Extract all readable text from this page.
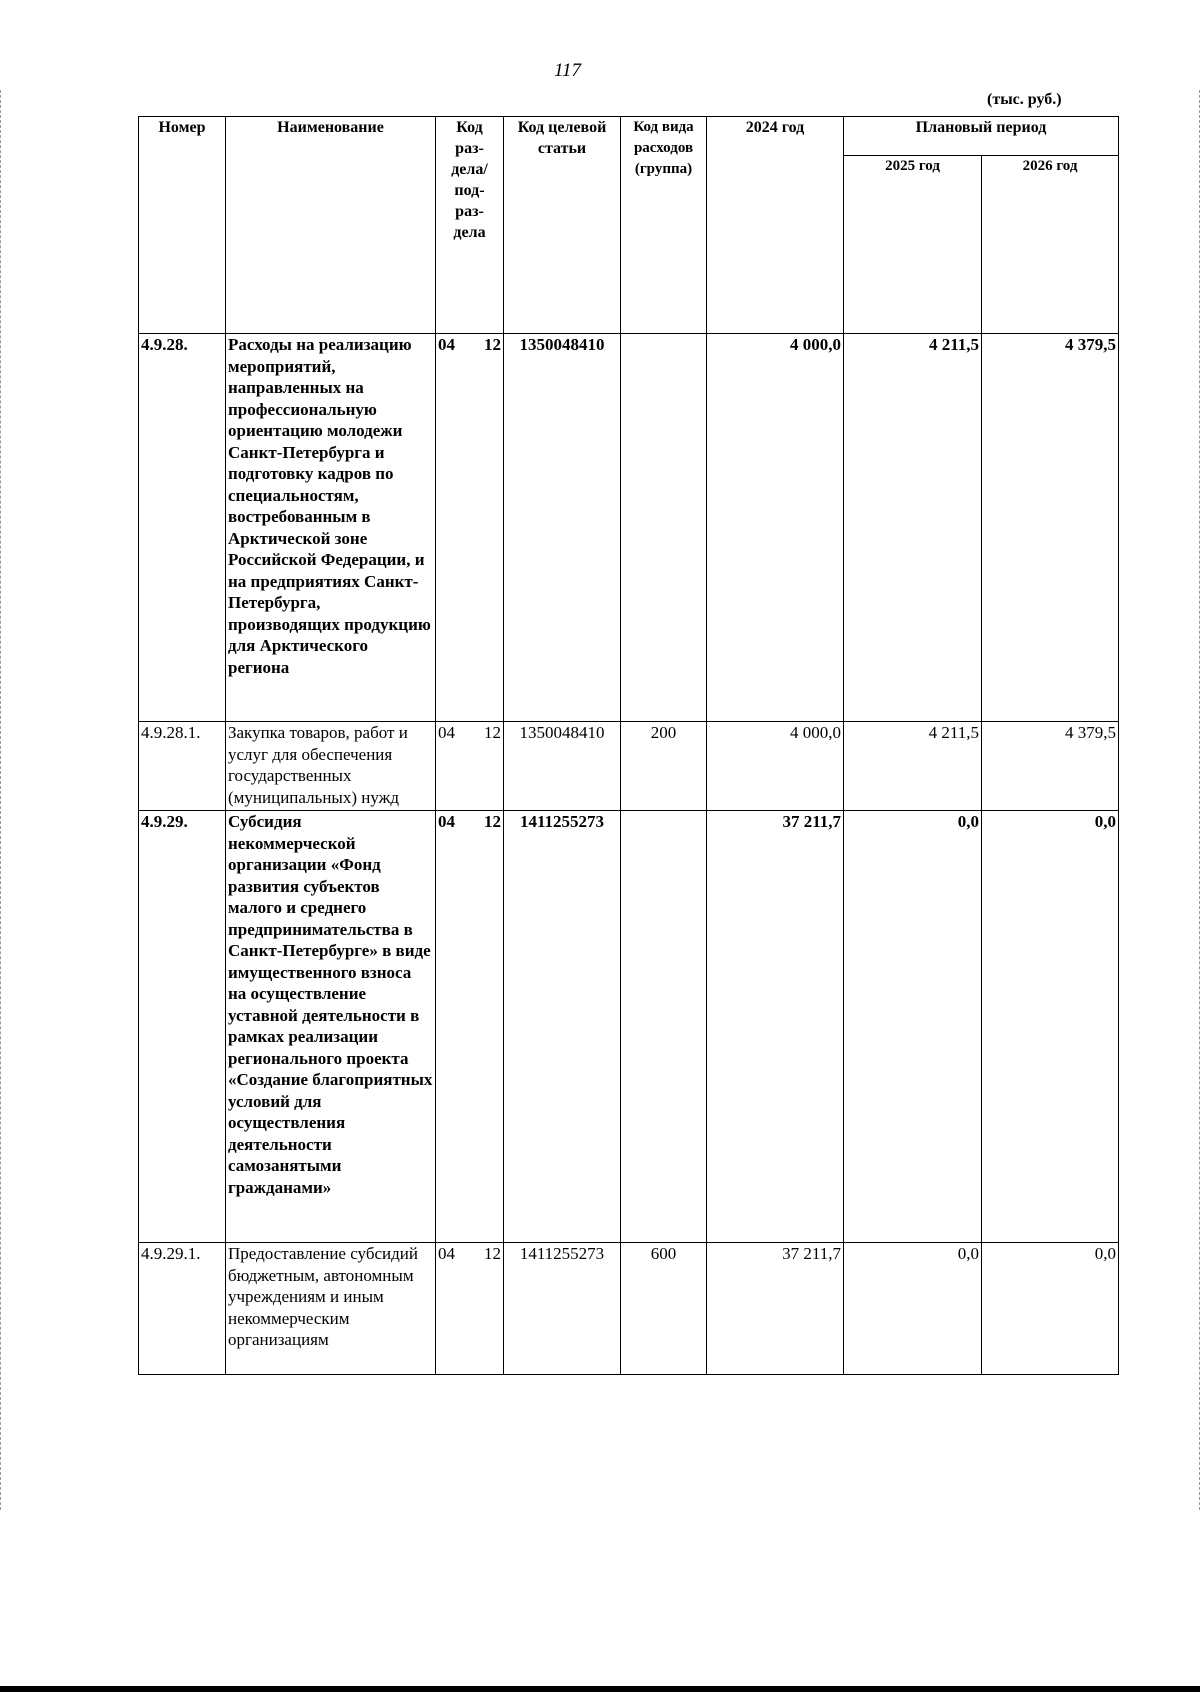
117
(тыс. руб.)
Номер	Наименование	Код раз- дела/ под- раз- дела	Код целевой статьи	Код вида расходов (группа)	2024 год	Плановый период	
						2025 год	2026 год
4.9.28.	Расходы на реализацию мероприятий, направленных на профессиональную ориентацию молодежи Санкт-Петербурга и подготовку кадров по специальностям, востребованным в Арктической зоне Российской Федерации, и на предприятиях Санкт-Петербурга, производящих продукцию для Арктического региона	04 12	1350048410		4 000,0	4 211,5	4 379,5
4.9.28.1.	Закупка товаров, работ и услуг для обеспечения государственных (муниципальных) нужд	04 12	1350048410	200	4 000,0	4 211,5	4 379,5
4.9.29.	Субсидия некоммерческой организации «Фонд развития субъектов малого и среднего предпринимательства в Санкт-Петербурге» в виде имущественного взноса на осуществление уставной деятельности в рамках реализации регионального проекта «Создание благоприятных условий для осуществления деятельности самозанятыми гражданами»	04 12	1411255273		37 211,7	0,0	0,0
4.9.29.1.	Предоставление субсидий бюджетным, автономным учреждениям и иным некоммерческим организациям	04 12	1411255273	600	37 211,7	0,0	0,0
